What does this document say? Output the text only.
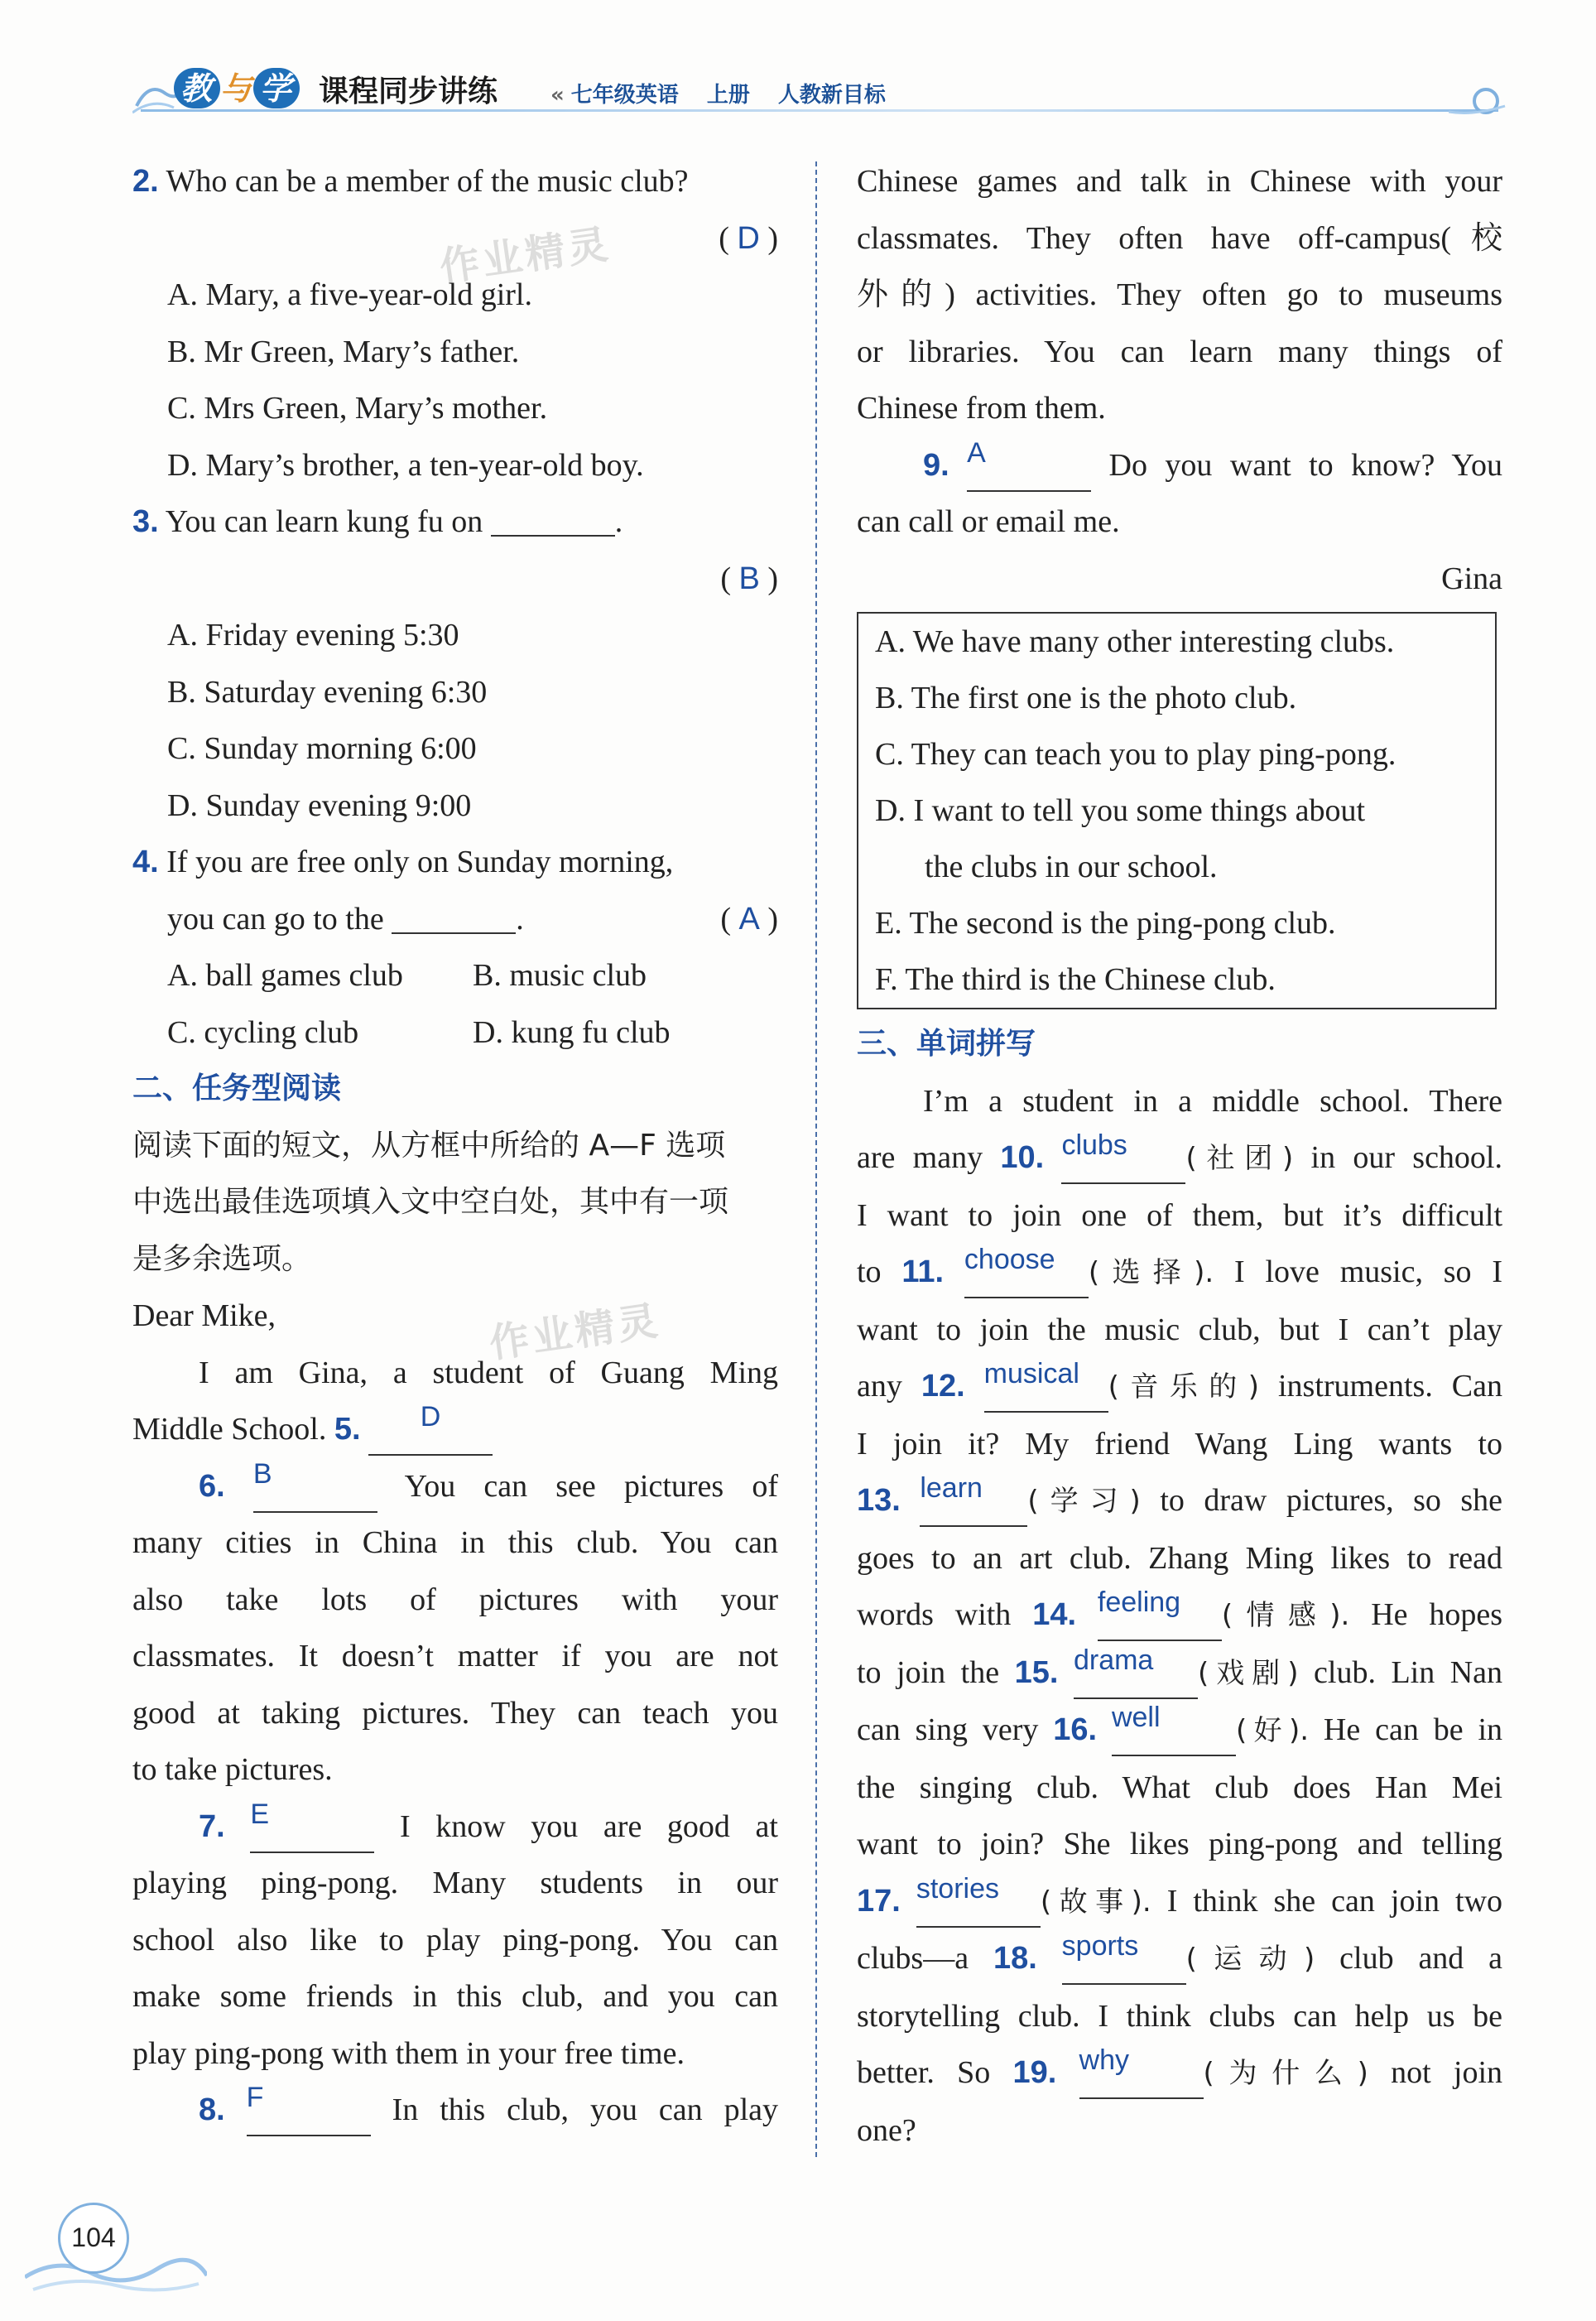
教 与 学 课程同步讲练 « 七年级英语 上册 人教新目标
作业精灵
作业精灵

2. Who can be a member of the music club?

( D )

A. Mary, a five-year-old girl.

B. Mr Green, Mary’s father.

C. Mrs Green, Mary’s mother.

D. Mary’s brother, a ten-year-old boy.

3. You can learn kung fu on	.

( B )

A. Friday evening 5:30

B. Saturday evening 6:30

C. Sunday morning 6:00

D. Sunday evening 9:00

4. If you are free only on Sunday morning,

you can go to the	.	( A )

A. ball games club	B. music club
C. cycling club	D. kung fu club

二、任务型阅读

阅读下面的短文，从方框中所给的 A—F 选项

中选出最佳选项填入文中空白处，其中有一项

是多余选项。

Dear Mike,

I am Gina, a student of Guang Ming

Middle School. 5. D

6. B	You can see pictures of

many cities in China in this club. You can

also take lots of pictures with your

classmates. It doesn’t matter if you are not

good at taking pictures. They can teach you

to take pictures.

7. E	I know you are good at

playing ping-pong. Many students in our

school also like to play ping-pong. You can

make some friends in this club, and you can

play ping-pong with them in your free time.

8. F	In this club, you can play

Chinese games and talk in Chinese with your

classmates. They often have off-campus(校

外的) activities. They often go to museums

or libraries. You can learn many things of

Chinese from them.

9. A	Do you want to know? You

can call or email me.

Gina

A. We have many other interesting clubs.

B. The first one is the photo club.

C. They can teach you to play ping-pong.

D. I want to tell you some things about

the clubs in our school.

E. The second is the ping-pong club.

F. The third is the Chinese club.

三、单词拼写

I’m a student in a middle school. There

are many 10. clubs (社团) in our school.

I want to join one of them, but it’s difficult

to 11. choose (选择). I love music, so I

want to join the music club, but I can’t play

any 12. musical (音乐的) instruments. Can

I join it? My friend Wang Ling wants to

13. learn (学习) to draw pictures, so she

goes to an art club. Zhang Ming likes to read

words with 14. feeling (情感). He hopes

to join the 15. drama (戏剧) club. Lin Nan

can sing very 16. well	(好). He can be in

the singing club. What club does Han Mei

want to join? She likes ping-pong and telling

17. stories (故事). I think she can join two

clubs—a 18. sports (运动) club and a

storytelling club. I think clubs can help us be

better. So 19. why	(为什么) not join

one?

104
